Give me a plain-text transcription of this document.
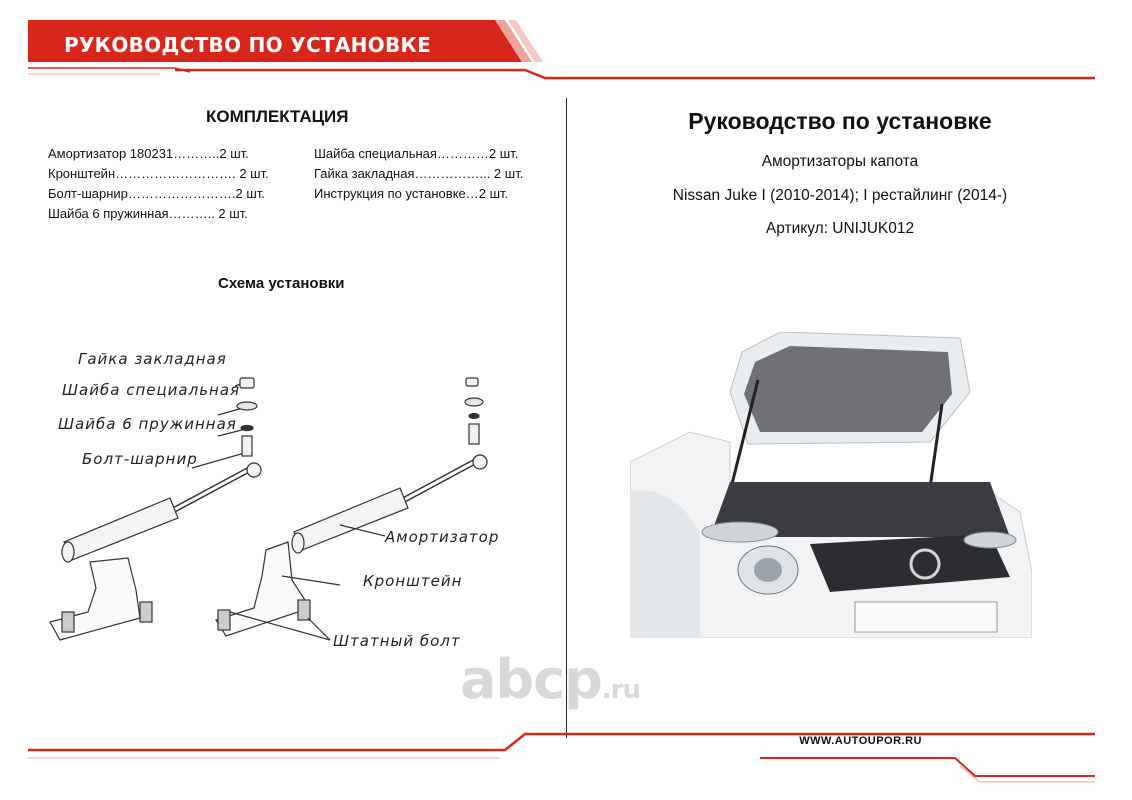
РУКОВОДСТВО ПО УСТАНОВКЕ
КОМПЛЕКТАЦИЯ
Амортизатор 180231………..2 шт.
Кронштейн………………………. 2 шт.
Болт-шарнир…………………….2 шт.
Шайба 6 пружинная……….. 2 шт.
Шайба специальная…………2 шт.
Гайка закладная……………... 2 шт.
Инструкция по установке…2 шт.
Схема установки
Гайка закладная
Шайба специальная
Шайба 6 пружинная
Болт-шарнир
Амортизатор
Кронштейн
Штатный болт
Руководство по установке
Амортизаторы капота
Nissan Juke I (2010-2014); I рестайлинг (2014-)
Артикул: UNIJUK012
abcp.ru
WWW.AUTOUPOR.RU
